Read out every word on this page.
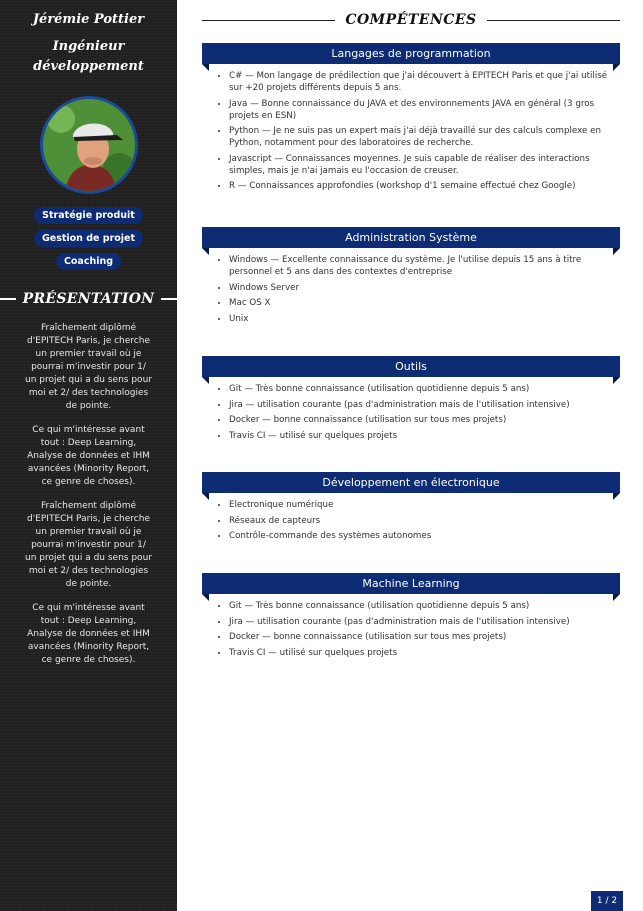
Jérémie Pottier
Ingénieur
développement
Stratégie produit
Gestion de projet
Coaching
PRÉSENTATION

Fraîchement diplômé d'EPITECH Paris, je cherche un premier travail où je pourrai m'investir pour 1/ un projet qui a du sens pour moi et 2/ des technologies de pointe.

Ce qui m'intéresse avant tout : Deep Learning, Analyse de données et IHM avancées (Minority Report, ce genre de choses).

Fraîchement diplômé d'EPITECH Paris, je cherche un premier travail où je pourrai m'investir pour 1/ un projet qui a du sens pour moi et 2/ des technologies de pointe.

Ce qui m'intéresse avant tout : Deep Learning, Analyse de données et IHM avancées (Minority Report, ce genre de choses).

COMPÉTENCES
Langages de programmation
• C# — Mon langage de prédilection que j'ai découvert à EPITECH Paris et que j'ai utilisé sur +20 projets différents depuis 5 ans.
• Java — Bonne connaissance du JAVA et des environnements JAVA en général (3 gros projets en ESN)
• Python — Je ne suis pas un expert mais j'ai déjà travaillé sur des calculs complexe en Python, notamment pour des laboratoires de recherche.
• Javascript — Connaissances moyennes. Je suis capable de réaliser des interactions simples, mais je n'ai jamais eu l'occasion de creuser.
• R — Connaissances approfondies (workshop d'1 semaine effectué chez Google)
Administration Système
• Windows — Excellente connaissance du système. Je l'utilise depuis 15 ans à titre personnel et 5 ans dans des contextes d'entreprise
• Windows Server
• Mac OS X
• Unix
Outils
• Git — Très bonne connaissance (utilisation quotidienne depuis 5 ans)
• Jira — utilisation courante (pas d'administration mais de l'utilisation intensive)
• Docker — bonne connaissance (utilisation sur tous mes projets)
• Travis CI — utilisé sur quelques projets
Développement en électronique
• Electronique numérique
• Réseaux de capteurs
• Contrôle-commande des systèmes autonomes
Machine Learning
• Git — Très bonne connaissance (utilisation quotidienne depuis 5 ans)
• Jira — utilisation courante (pas d'administration mais de l'utilisation intensive)
• Docker — bonne connaissance (utilisation sur tous mes projets)
• Travis CI — utilisé sur quelques projets
1 / 2
